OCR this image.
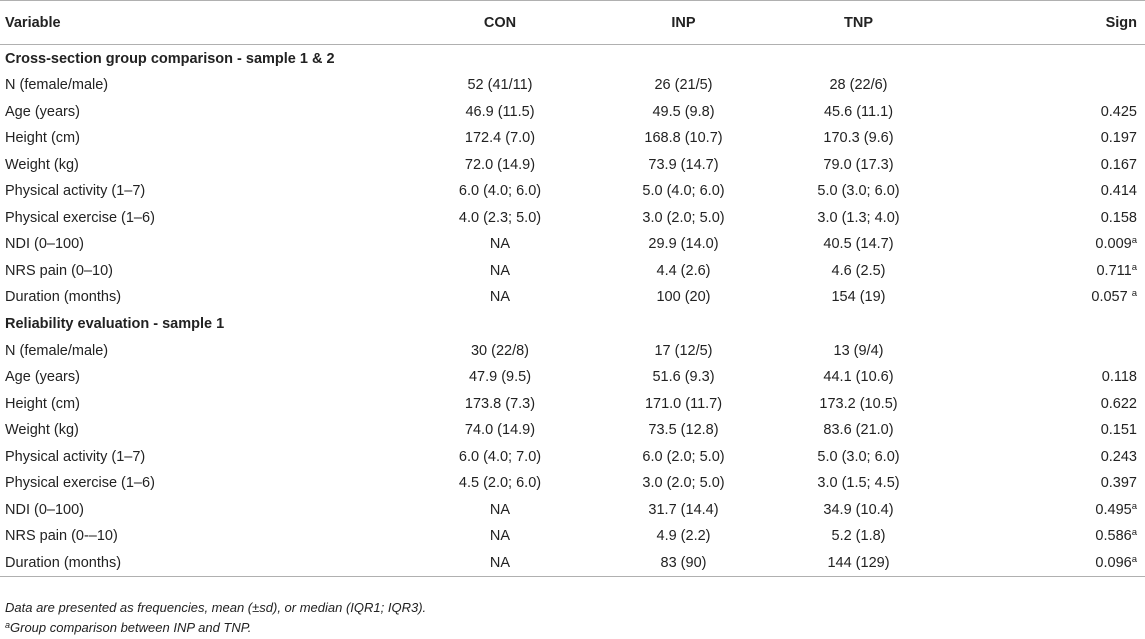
Variable	CON	INP	TNP	Sign
Cross-section group comparison - sample 1 & 2				
N (female/male)	52 (41/11)	26 (21/5)	28 (22/6)	
Age (years)	46.9 (11.5)	49.5 (9.8)	45.6 (11.1)	0.425
Height (cm)	172.4 (7.0)	168.8 (10.7)	170.3 (9.6)	0.197
Weight (kg)	72.0 (14.9)	73.9 (14.7)	79.0 (17.3)	0.167
Physical activity (1–7)	6.0 (4.0; 6.0)	5.0 (4.0; 6.0)	5.0 (3.0; 6.0)	0.414
Physical exercise (1–6)	4.0 (2.3; 5.0)	3.0 (2.0; 5.0)	3.0 (1.3; 4.0)	0.158
NDI (0–100)	NA	29.9 (14.0)	40.5 (14.7)	0.009$^a$
NRS pain (0–10)	NA	4.4 (2.6)	4.6 (2.5)	0.711$^a$
Duration (months)	NA	100 (20)	154 (19)	0.057 $^a$
Reliability evaluation - sample 1				
N (female/male)	30 (22/8)	17 (12/5)	13 (9/4)	
Age (years)	47.9 (9.5)	51.6 (9.3)	44.1 (10.6)	0.118
Height (cm)	173.8 (7.3)	171.0 (11.7)	173.2 (10.5)	0.622
Weight (kg)	74.0 (14.9)	73.5 (12.8)	83.6 (21.0)	0.151
Physical activity (1–7)	6.0 (4.0; 7.0)	6.0 (2.0; 5.0)	5.0 (3.0; 6.0)	0.243
Physical exercise (1–6)	4.5 (2.0; 6.0)	3.0 (2.0; 5.0)	3.0 (1.5; 4.5)	0.397
NDI (0–100)	NA	31.7 (14.4)	34.9 (10.4)	0.495$^a$
NRS pain (0-–10)	NA	4.9 (2.2)	5.2 (1.8)	0.586$^a$
Duration (months)	NA	83 (90)	144 (129)	0.096$^a$
Data are presented as frequencies, mean (±sd), or median (IQR1; IQR3).
$^a$Group comparison between INP and TNP.
